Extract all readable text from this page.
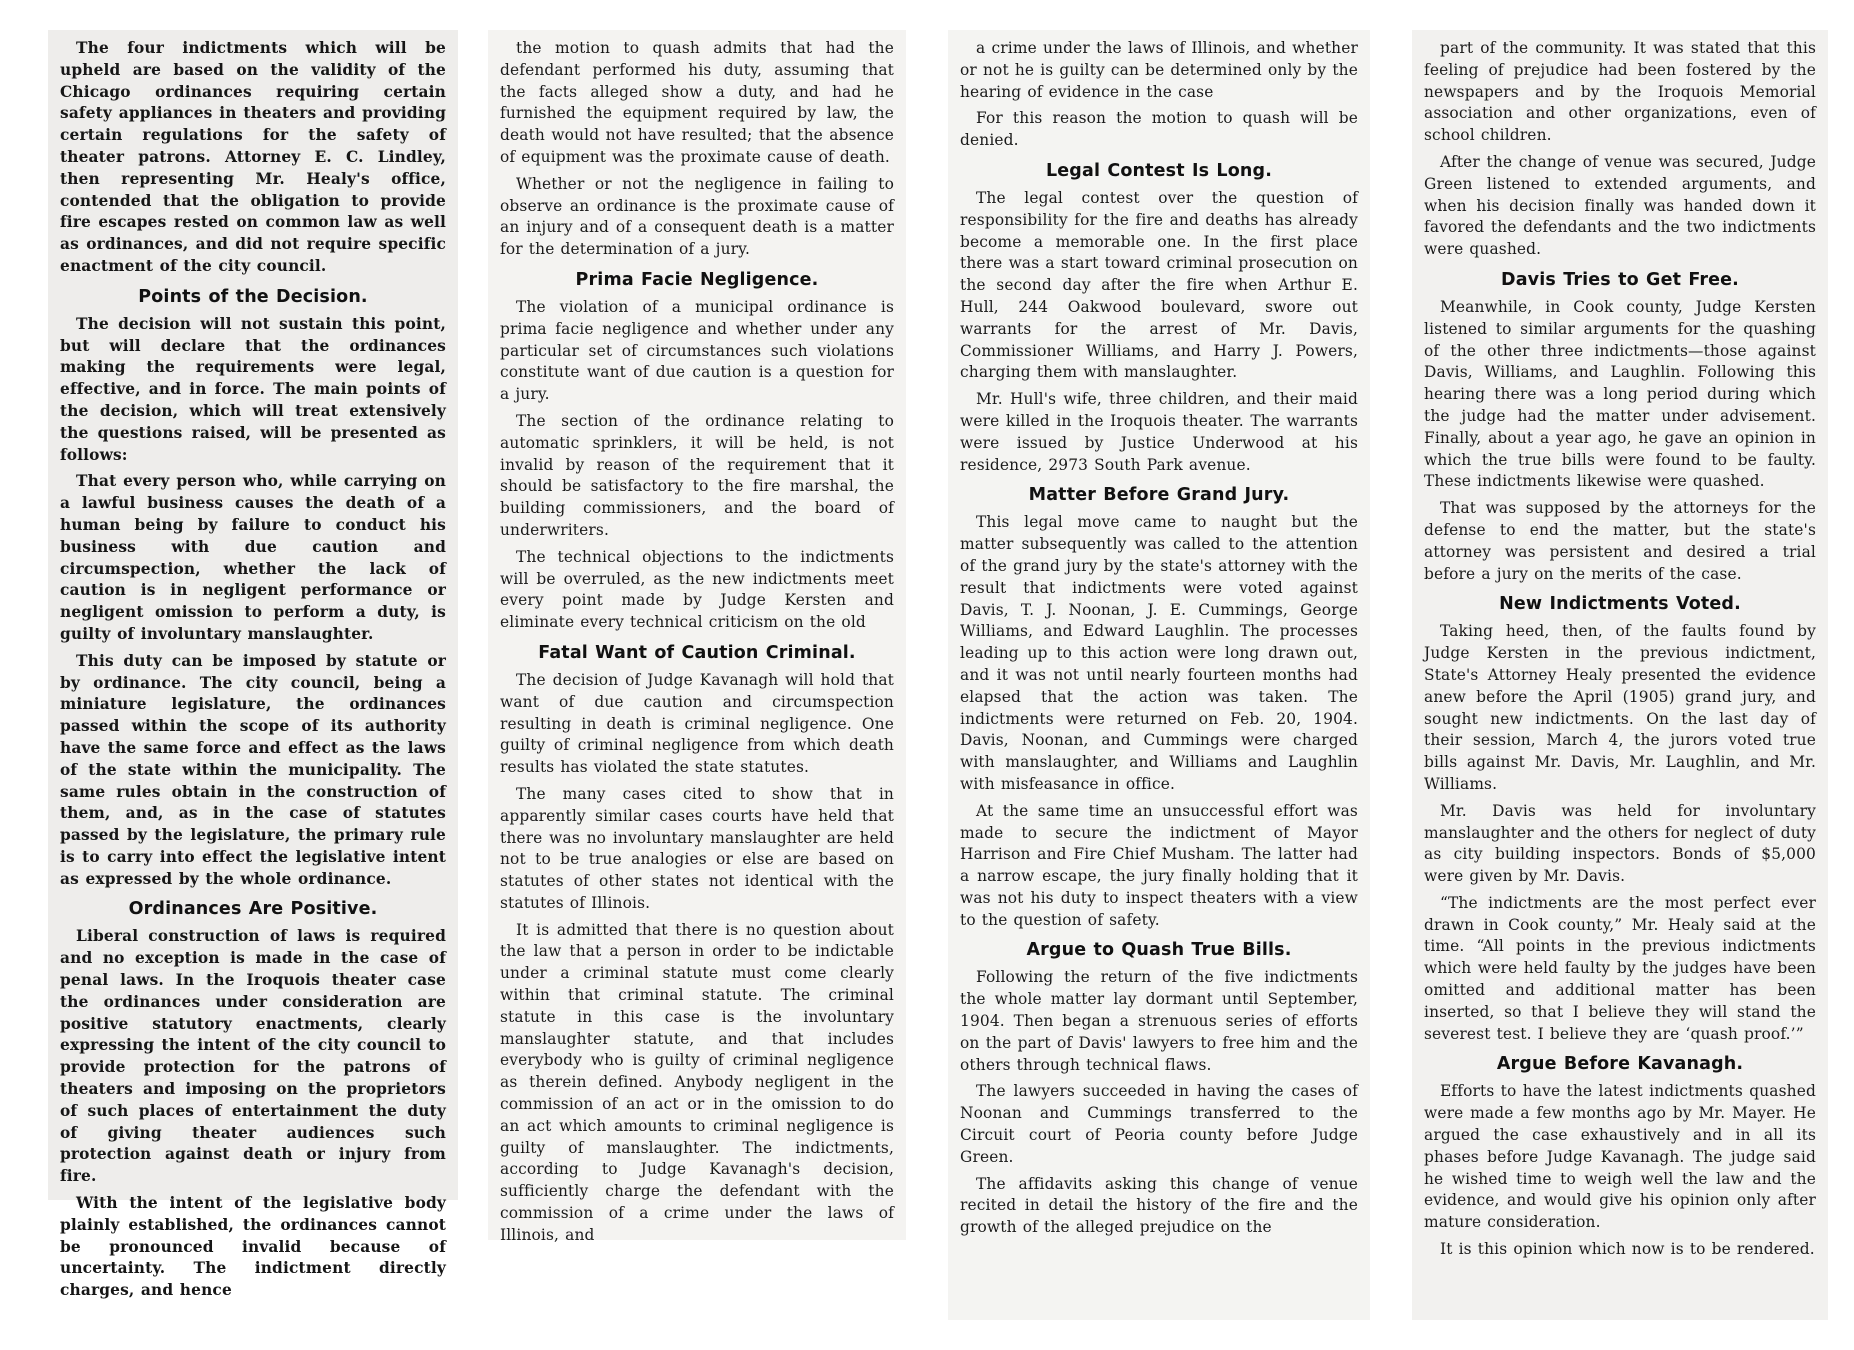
The four indictments which will be upheld are based on the validity of the Chicago ordinances requiring certain safety appliances in theaters and providing certain regulations for the safety of theater patrons. Attorney E. C. Lindley, then representing Mr. Healy's office, contended that the obligation to provide fire escapes rested on common law as well as ordinances, and did not require specific enactment of the city council.

Points of the Decision.

The decision will not sustain this point, but will declare that the ordinances making the requirements were legal, effective, and in force. The main points of the decision, which will treat extensively the questions raised, will be presented as follows:

That every person who, while carrying on a lawful business causes the death of a human being by failure to conduct his business with due caution and circumspection, whether the lack of caution is in negligent performance or negligent omission to perform a duty, is guilty of involuntary manslaughter.

This duty can be imposed by statute or by ordinance. The city council, being a miniature legislature, the ordinances passed within the scope of its authority have the same force and effect as the laws of the state within the municipality. The same rules obtain in the construction of them, and, as in the case of statutes passed by the legislature, the primary rule is to carry into effect the legislative intent as expressed by the whole ordinance.

Ordinances Are Positive.

Liberal construction of laws is required and no exception is made in the case of penal laws. In the Iroquois theater case the ordinances under consideration are positive statutory enactments, clearly expressing the intent of the city council to provide protection for the patrons of theaters and imposing on the proprietors of such places of entertainment the duty of giving theater audiences such protection against death or injury from fire.

With the intent of the legislative body plainly established, the ordinances cannot be pronounced invalid because of uncertainty. The indictment directly charges, and hence

the motion to quash admits that had the defendant performed his duty, assuming that the facts alleged show a duty, and had he furnished the equipment required by law, the death would not have resulted; that the absence of equipment was the proximate cause of death.

Whether or not the negligence in failing to observe an ordinance is the proximate cause of an injury and of a consequent death is a matter for the determination of a jury.

Prima Facie Negligence.

The violation of a municipal ordinance is prima facie negligence and whether under any particular set of circumstances such violations constitute want of due caution is a question for a jury.

The section of the ordinance relating to automatic sprinklers, it will be held, is not invalid by reason of the requirement that it should be satisfactory to the fire marshal, the building commissioners, and the board of underwriters.

The technical objections to the indictments will be overruled, as the new indictments meet every point made by Judge Kersten and eliminate every technical criticism on the old

Fatal Want of Caution Criminal.

The decision of Judge Kavanagh will hold that want of due caution and circumspection resulting in death is criminal negligence. One guilty of criminal negligence from which death results has violated the state statutes.

The many cases cited to show that in apparently similar cases courts have held that there was no involuntary manslaughter are held not to be true analogies or else are based on statutes of other states not identical with the statutes of Illinois.

It is admitted that there is no question about the law that a person in order to be indictable under a criminal statute must come clearly within that criminal statute. The criminal statute in this case is the involuntary manslaughter statute, and that includes everybody who is guilty of criminal negligence as therein defined. Anybody negligent in the commission of an act or in the omission to do an act which amounts to criminal negligence is guilty of manslaughter. The indictments, according to Judge Kavanagh's decision, sufficiently charge the defendant with the commission of a crime under the laws of Illinois, and

a crime under the laws of Illinois, and whether or not he is guilty can be determined only by the hearing of evidence in the case

For this reason the motion to quash will be denied.

Legal Contest Is Long.

The legal contest over the question of responsibility for the fire and deaths has already become a memorable one. In the first place there was a start toward criminal prosecution on the second day after the fire when Arthur E. Hull, 244 Oakwood boulevard, swore out warrants for the arrest of Mr. Davis, Commissioner Williams, and Harry J. Powers, charging them with manslaughter.

Mr. Hull's wife, three children, and their maid were killed in the Iroquois theater. The warrants were issued by Justice Underwood at his residence, 2973 South Park avenue.

Matter Before Grand Jury.

This legal move came to naught but the matter subsequently was called to the attention of the grand jury by the state's attorney with the result that indictments were voted against Davis, T. J. Noonan, J. E. Cummings, George Williams, and Edward Laughlin. The processes leading up to this action were long drawn out, and it was not until nearly fourteen months had elapsed that the action was taken. The indictments were returned on Feb. 20, 1904. Davis, Noonan, and Cummings were charged with manslaughter, and Williams and Laughlin with misfeasance in office.

At the same time an unsuccessful effort was made to secure the indictment of Mayor Harrison and Fire Chief Musham. The latter had a narrow escape, the jury finally holding that it was not his duty to inspect theaters with a view to the question of safety.

Argue to Quash True Bills.

Following the return of the five indictments the whole matter lay dormant until September, 1904. Then began a strenuous series of efforts on the part of Davis' lawyers to free him and the others through technical flaws.

The lawyers succeeded in having the cases of Noonan and Cummings transferred to the Circuit court of Peoria county before Judge Green.

The affidavits asking this change of venue recited in detail the history of the fire and the growth of the alleged prejudice on the

part of the community. It was stated that this feeling of prejudice had been fostered by the newspapers and by the Iroquois Memorial association and other organizations, even of school children.

After the change of venue was secured, Judge Green listened to extended arguments, and when his decision finally was handed down it favored the defendants and the two indictments were quashed.

Davis Tries to Get Free.

Meanwhile, in Cook county, Judge Kersten listened to similar arguments for the quashing of the other three indictments—those against Davis, Williams, and Laughlin. Following this hearing there was a long period during which the judge had the matter under advisement. Finally, about a year ago, he gave an opinion in which the true bills were found to be faulty. These indictments likewise were quashed.

That was supposed by the attorneys for the defense to end the matter, but the state's attorney was persistent and desired a trial before a jury on the merits of the case.

New Indictments Voted.

Taking heed, then, of the faults found by Judge Kersten in the previous indictment, State's Attorney Healy presented the evidence anew before the April (1905) grand jury, and sought new indictments. On the last day of their session, March 4, the jurors voted true bills against Mr. Davis, Mr. Laughlin, and Mr. Williams.

Mr. Davis was held for involuntary manslaughter and the others for neglect of duty as city building inspectors. Bonds of $5,000 were given by Mr. Davis.

“The indictments are the most perfect ever drawn in Cook county,” Mr. Healy said at the time. “All points in the previous indictments which were held faulty by the judges have been omitted and additional matter has been inserted, so that I believe they will stand the severest test. I believe they are ‘quash proof.’”

Argue Before Kavanagh.

Efforts to have the latest indictments quashed were made a few months ago by Mr. Mayer. He argued the case exhaustively and in all its phases before Judge Kavanagh. The judge said he wished time to weigh well the law and the evidence, and would give his opinion only after mature consideration.

It is this opinion which now is to be rendered.
